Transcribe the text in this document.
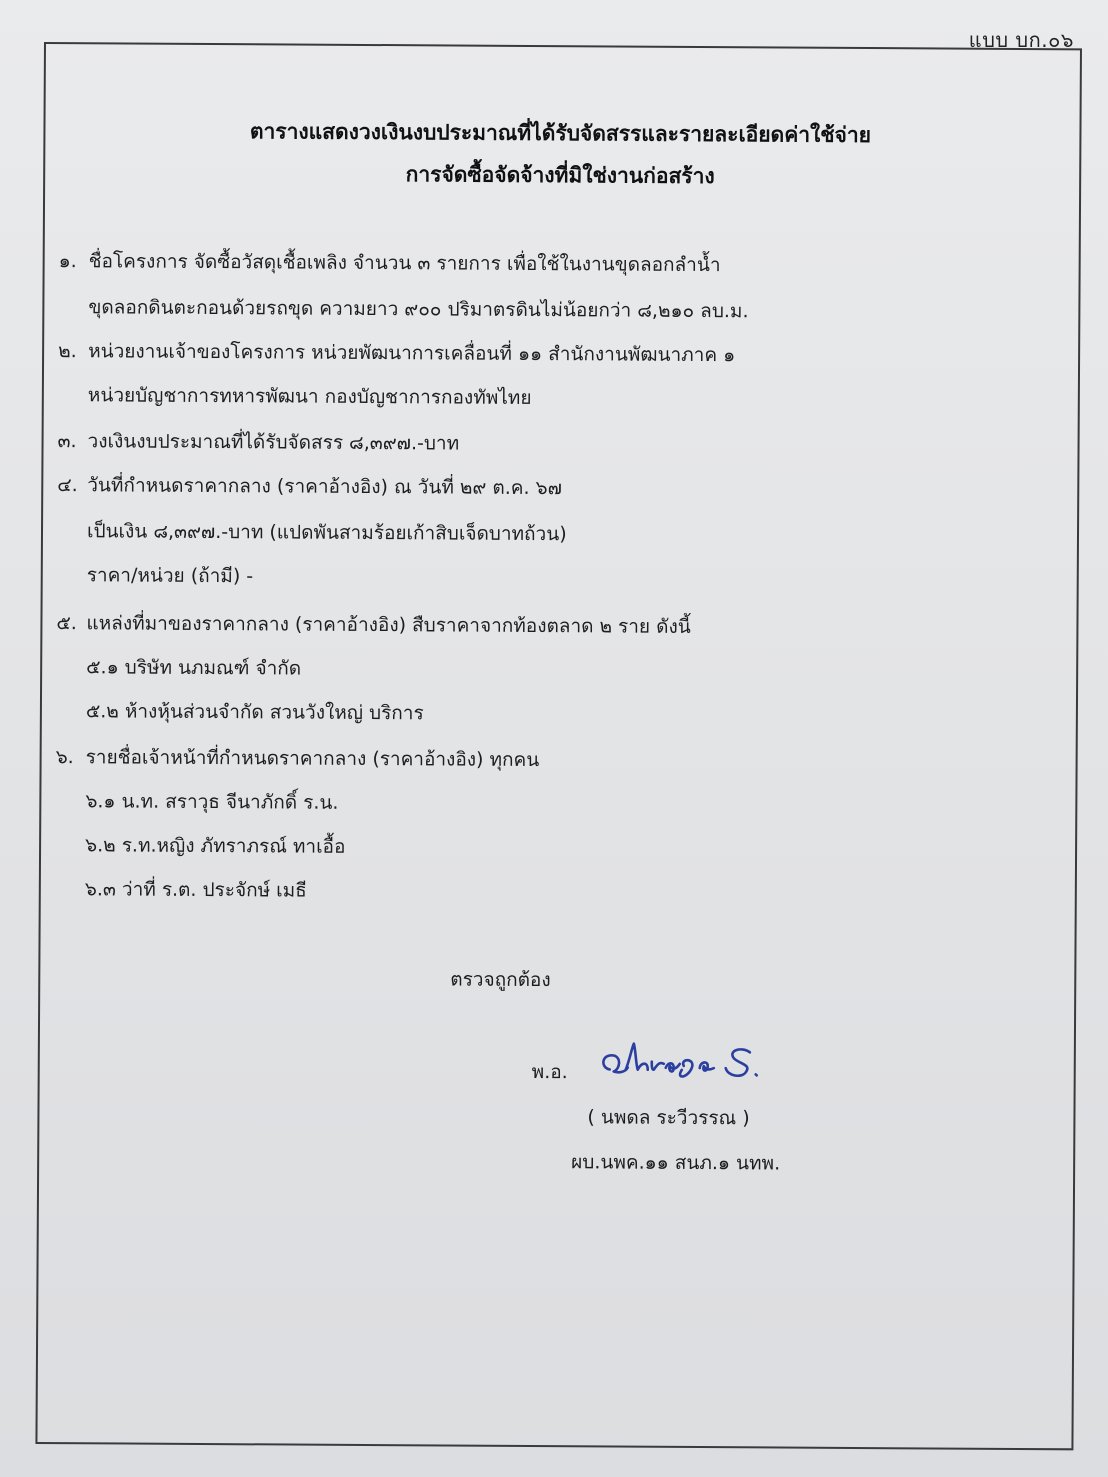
แบบ บก.๐๖
ตารางแสดงวงเงินงบประมาณที่ได้รับจัดสรรและรายละเอียดค่าใช้จ่าย
การจัดซื้อจัดจ้างที่มิใช่งานก่อสร้าง
๑. ชื่อโครงการ จัดซื้อวัสดุเชื้อเพลิง จำนวน ๓ รายการ เพื่อใช้ในงานขุดลอกลำน้ำ
ขุดลอกดินตะกอนด้วยรถขุด ความยาว ๙๐๐ ปริมาตรดินไม่น้อยกว่า ๘,๒๑๐ ลบ.ม.
๒. หน่วยงานเจ้าของโครงการ หน่วยพัฒนาการเคลื่อนที่ ๑๑ สำนักงานพัฒนาภาค ๑
หน่วยบัญชาการทหารพัฒนา กองบัญชาการกองทัพไทย
๓. วงเงินงบประมาณที่ได้รับจัดสรร ๘,๓๙๗.-บาท
๔. วันที่กำหนดราคากลาง (ราคาอ้างอิง) ณ วันที่ ๒๙ ต.ค. ๖๗
เป็นเงิน ๘,๓๙๗.-บาท (แปดพันสามร้อยเก้าสิบเจ็ดบาทถ้วน)
ราคา/หน่วย (ถ้ามี) -
๕. แหล่งที่มาของราคากลาง (ราคาอ้างอิง) สืบราคาจากท้องตลาด ๒ ราย ดังนี้
๕.๑ บริษัท นภมณฑ์ จำกัด
๕.๒ ห้างหุ้นส่วนจำกัด สวนวังใหญ่ บริการ
๖. รายชื่อเจ้าหน้าที่กำหนดราคากลาง (ราคาอ้างอิง) ทุกคน
๖.๑ น.ท. สราวุธ จีนาภักดิ์ ร.น.
๖.๒ ร.ท.หญิง ภัทราภรณ์ ทาเอื้อ
๖.๓ ว่าที่ ร.ต. ประจักษ์ เมธี
ตรวจถูกต้อง
พ.อ.
( นพดล ระวีวรรณ )
ผบ.นพค.๑๑ สนภ.๑ นทพ.
